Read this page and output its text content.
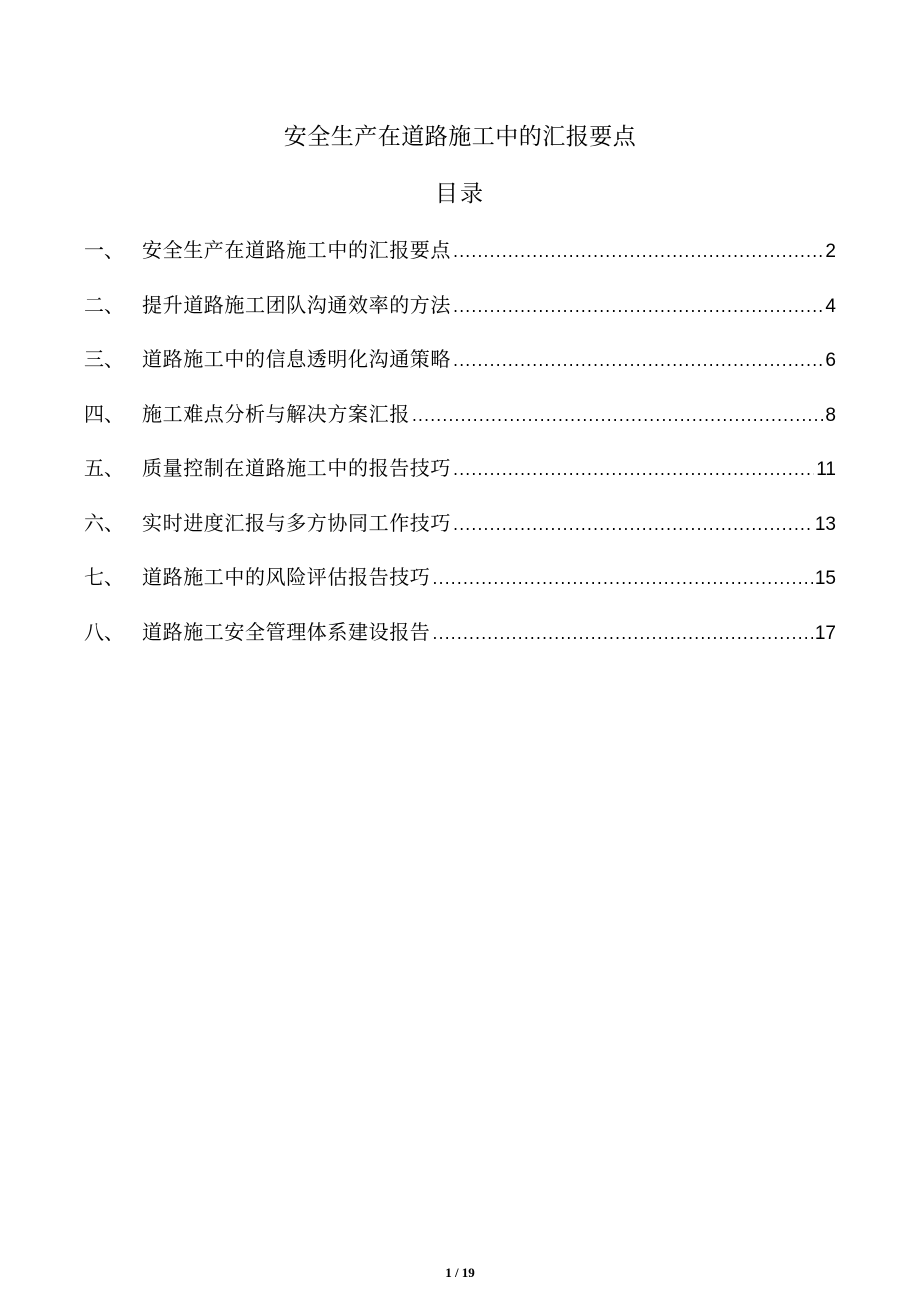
安全生产在道路施工中的汇报要点
目录
一、 安全生产在道路施工中的汇报要点 .....	2
二、 提升道路施工团队沟通效率的方法 .....	4
三、 道路施工中的信息透明化沟通策略 .....	6
四、 施工难点分析与解决方案汇报 .....	8
五、 质量控制在道路施工中的报告技巧 .....	11
六、 实时进度汇报与多方协同工作技巧 .....	13
七、 道路施工中的风险评估报告技巧 .....	15
八、 道路施工安全管理体系建设报告 .....	17
1 / 19
